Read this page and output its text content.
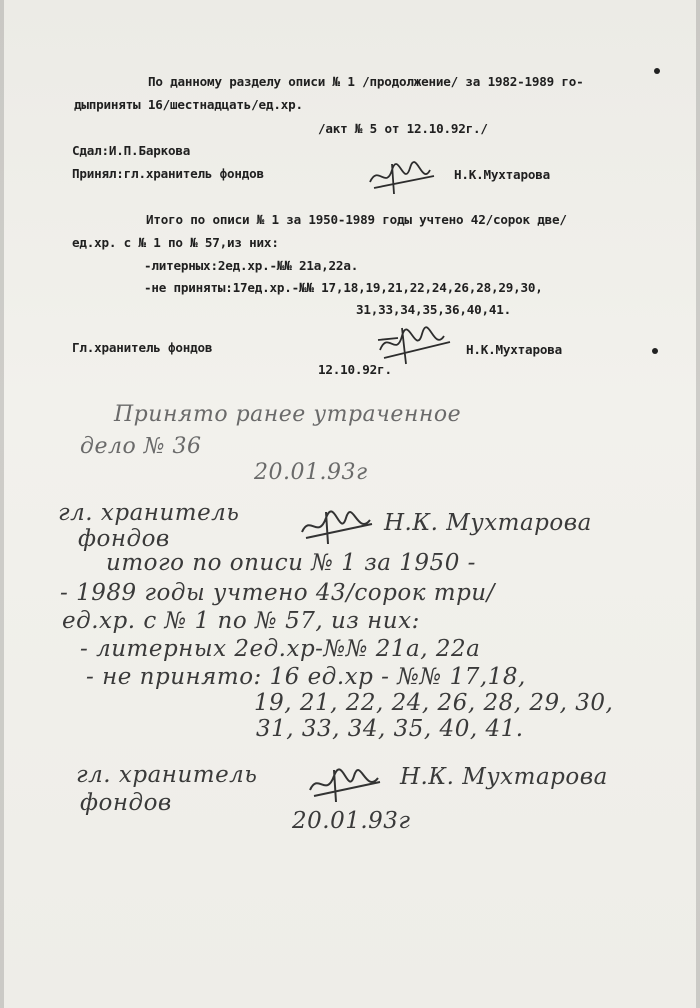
По данному разделу описи № 1 /продолжение/ за 1982-1989 го-

дыприняты 16/шестнадцать/ед.хр.

/акт № 5 от 12.10.92г./

Сдал:И.П.Баркова

Принял:гл.хранитель фондов	Н.К.Мухтарова

Итого по описи № 1 за 1950-1989 годы учтено 42/сорок две/

ед.хр. с № 1 по № 57,из них:

-литерных:2ед.хр.-№№ 21а,22а.

-не приняты:17ед.хр.-№№ 17,18,19,21,22,24,26,28,29,30,

31,33,34,35,36,40,41.

Гл.хранитель фондов	Н.К.Мухтарова

12.10.92г.

Принято ранее утраченное

дело № 36

20.01.93г

гл. хранитель

фондов

Н.К. Мухтарова

итого по описи № 1 за 1950 -

- 1989 годы учтено 43/сорок три/

ед.хр. с № 1 по № 57, из них:

- литерных 2ед.хр-№№ 21а, 22а

- не принято: 16 ед.хр - №№ 17,18,

19, 21, 22, 24, 26, 28, 29, 30,

31, 33, 34, 35, 40, 41.

гл. хранитель

фондов

Н.К. Мухтарова

20.01.93г
